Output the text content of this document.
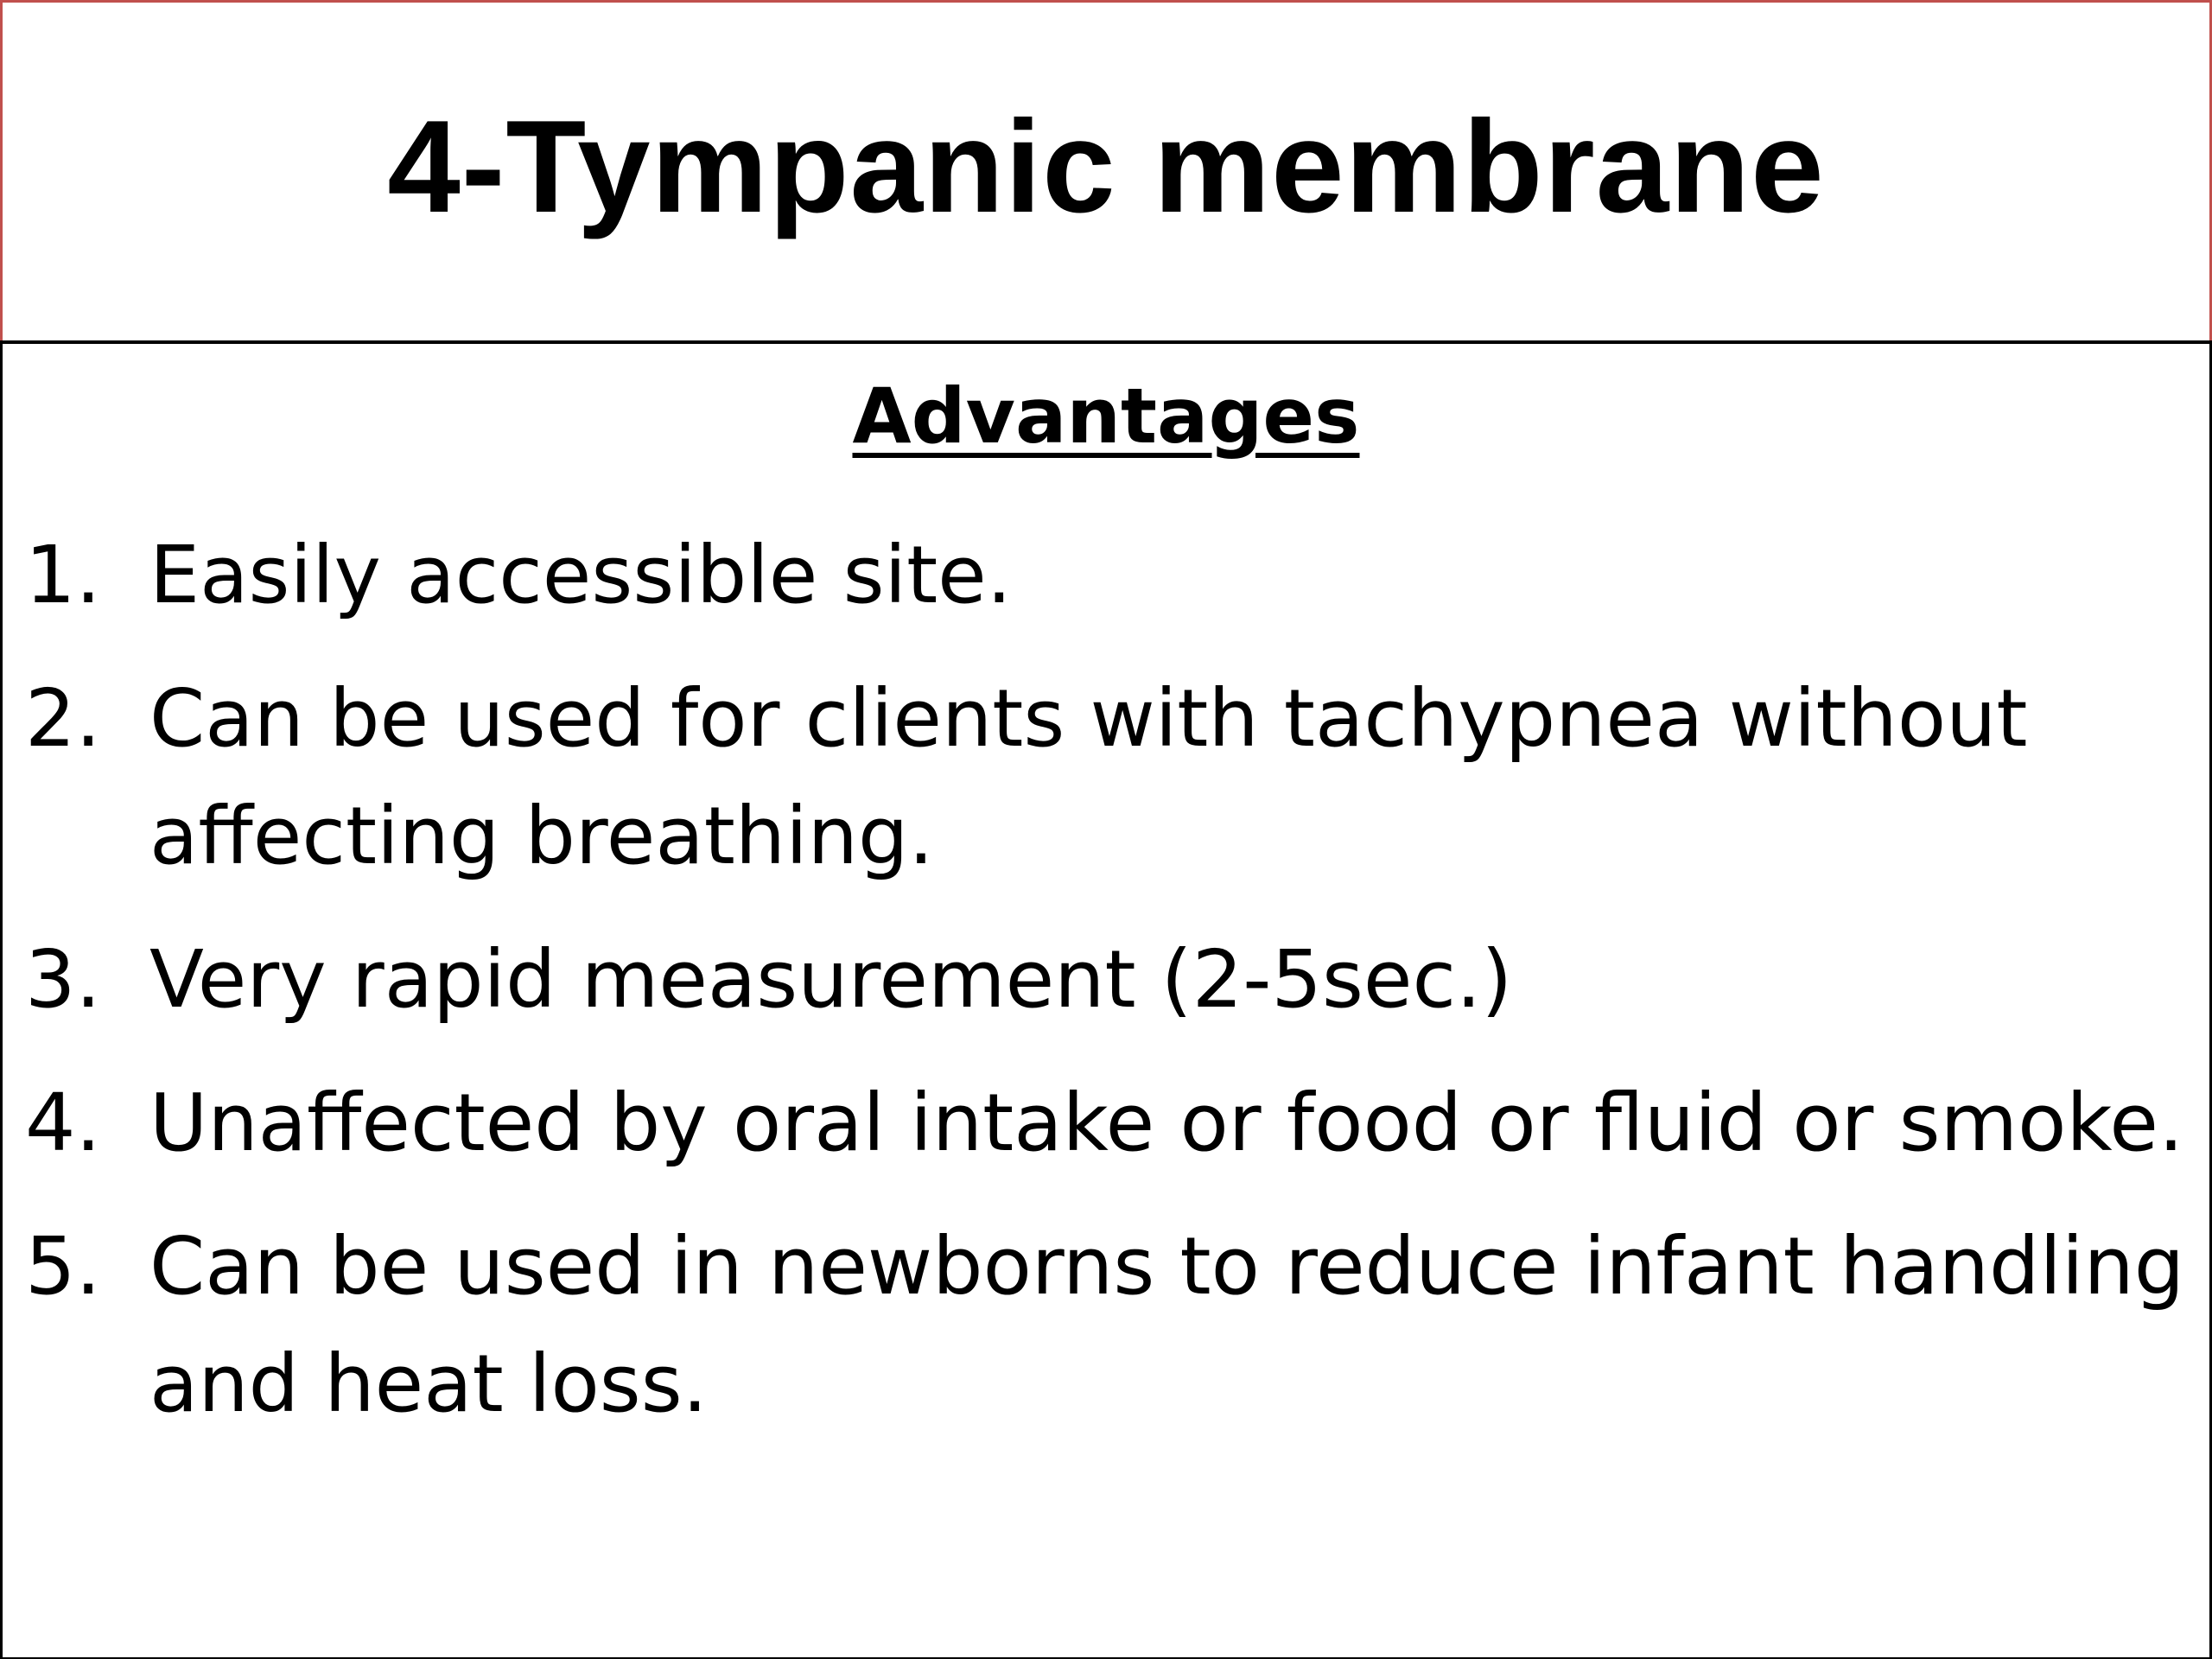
4-Tympanic membrane
Advantages
1. Easily accessible site.
2. Can be used for clients with tachypnea without affecting breathing.
3. Very rapid measurement (2-5sec.)
4. Unaffected by oral intake or food or fluid or smoke.
5. Can be used in newborns to reduce infant handling and heat loss.
